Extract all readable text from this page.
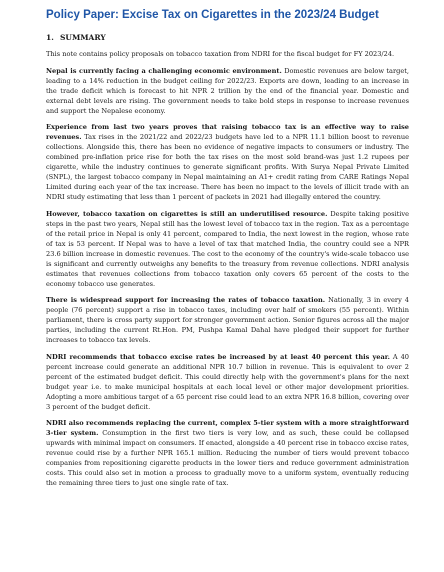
Policy Paper: Excise Tax on Cigarettes in the 2023/24 Budget
1. SUMMARY

This note contains policy proposals on tobacco taxation from NDRI for the fiscal budget for FY 2023/24.

Nepal is currently facing a challenging economic environment. Domestic revenues are below target, leading to a 14% reduction in the budget ceiling for 2022/23. Exports are down, leading to an increase in the trade deficit which is forecast to hit NPR 2 trillion by the end of the financial year. Domestic and external debt levels are rising. The government needs to take bold steps in response to increase revenues and support the Nepalese economy.

Experience from last two years proves that raising tobacco tax is an effective way to raise revenues. Tax rises in the 2021/22 and 2022/23 budgets have led to a NPR 11.1 billion boost to revenue collections. Alongside this, there has been no evidence of negative impacts to consumers or industry. The combined pre-inflation price rise for both the tax rises on the most sold brand-was just 1.2 rupees per cigarette, while the industry continues to generate significant profits. With Surya Nepal Private Limited (SNPL), the largest tobacco company in Nepal maintaining an A1+ credit rating from CARE Ratings Nepal Limited during each year of the tax increase. There has been no impact to the levels of illicit trade with an NDRI study estimating that less than 1 percent of packets in 2021 had illegally entered the country.

However, tobacco taxation on cigarettes is still an underutilised resource. Despite taking positive steps in the past two years, Nepal still has the lowest level of tobacco tax in the region. Tax as a percentage of the retail price in Nepal is only 41 percent, compared to India, the next lowest in the region, whose rate of tax is 53 percent. If Nepal was to have a level of tax that matched India, the country could see a NPR 23.6 billion increase in domestic revenues. The cost to the economy of the country's wide-scale tobacco use is significant and currently outweighs any benefits to the treasury from revenue collections. NDRI analysis estimates that revenues collections from tobacco taxation only covers 65 percent of the costs to the economy tobacco use generates.

There is widespread support for increasing the rates of tobacco taxation. Nationally, 3 in every 4 people (76 percent) support a rise in tobacco taxes, including over half of smokers (55 percent). Within parliament, there is cross party support for stronger government action. Senior figures across all the major parties, including the current Rt.Hon. PM, Pushpa Kamal Dahal have pledged their support for further increases to tobacco tax levels.

NDRI recommends that tobacco excise rates be increased by at least 40 percent this year. A 40 percent increase could generate an additional NPR 10.7 billion in revenue. This is equivalent to over 2 percent of the estimated budget deficit. This could directly help with the government's plans for the next budget year i.e. to make municipal hospitals at each local level or other major development priorities. Adopting a more ambitious target of a 65 percent rise could lead to an extra NPR 16.8 billion, covering over 3 percent of the budget deficit.

NDRI also recommends replacing the current, complex 5-tier system with a more straightforward 3-tier system. Consumption in the first two tiers is very low, and as such, these could be collapsed upwards with minimal impact on consumers. If enacted, alongside a 40 percent rise in tobacco excise rates, revenue could rise by a further NPR 165.1 million. Reducing the number of tiers would prevent tobacco companies from repositioning cigarette products in the lower tiers and reduce government administration costs. This could also set in motion a process to gradually move to a uniform system, eventually reducing the remaining three tiers to just one single rate of tax.
